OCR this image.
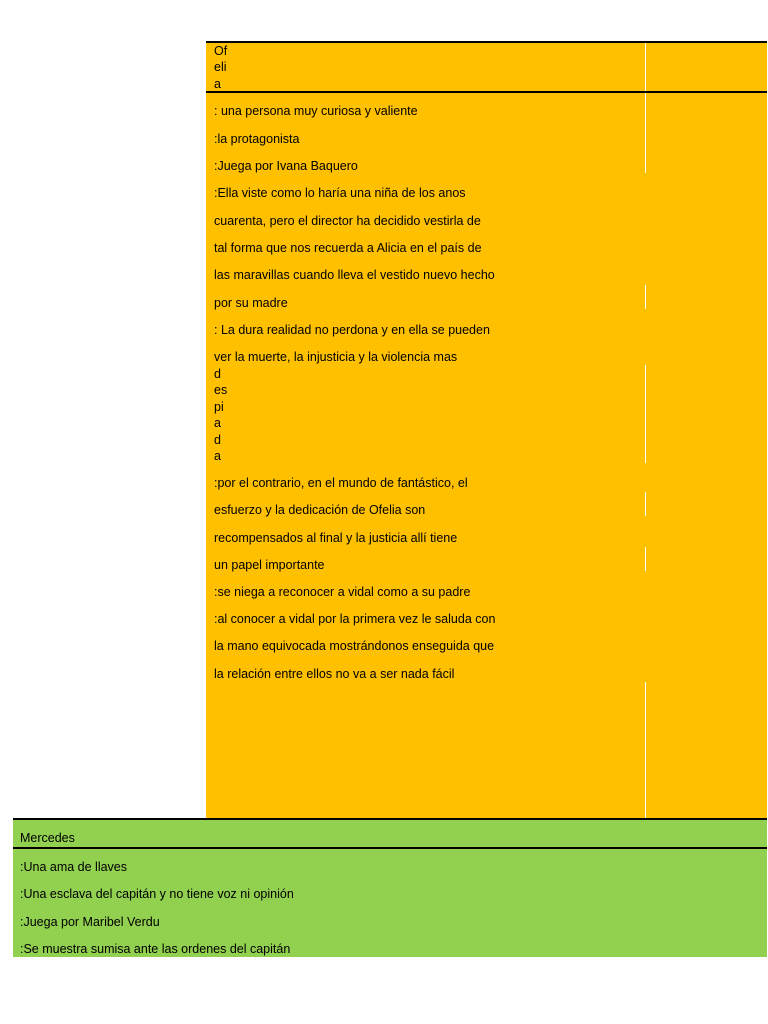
Of
eli
a
: una persona muy curiosa y valiente
:la protagonista
:Juega por Ivana Baquero
:Ella viste como lo haría una niña de los anos
cuarenta, pero el director ha decidido vestirla de
tal forma que nos recuerda a Alicia en el país de
las maravillas cuando lleva el vestido nuevo hecho
por su madre
: La dura realidad no perdona y en ella se pueden
ver la muerte, la injusticia y la violencia mas
d
es
pi
a
d
a
:por el contrario, en el mundo de fantástico, el
esfuerzo y la dedicación de Ofelia son
recompensados al final y la justicia allí tiene
un papel importante
:se niega a reconocer a vidal como a su padre
:al conocer a vidal por la primera vez le saluda con
la mano equivocada mostrándonos enseguida que
la relación entre ellos no va a ser nada fácil
Mercedes
:Una ama de llaves
:Una esclava del capitán y no tiene voz ni opinión
:Juega por Maribel Verdu
:Se muestra sumisa ante las ordenes del capitán
